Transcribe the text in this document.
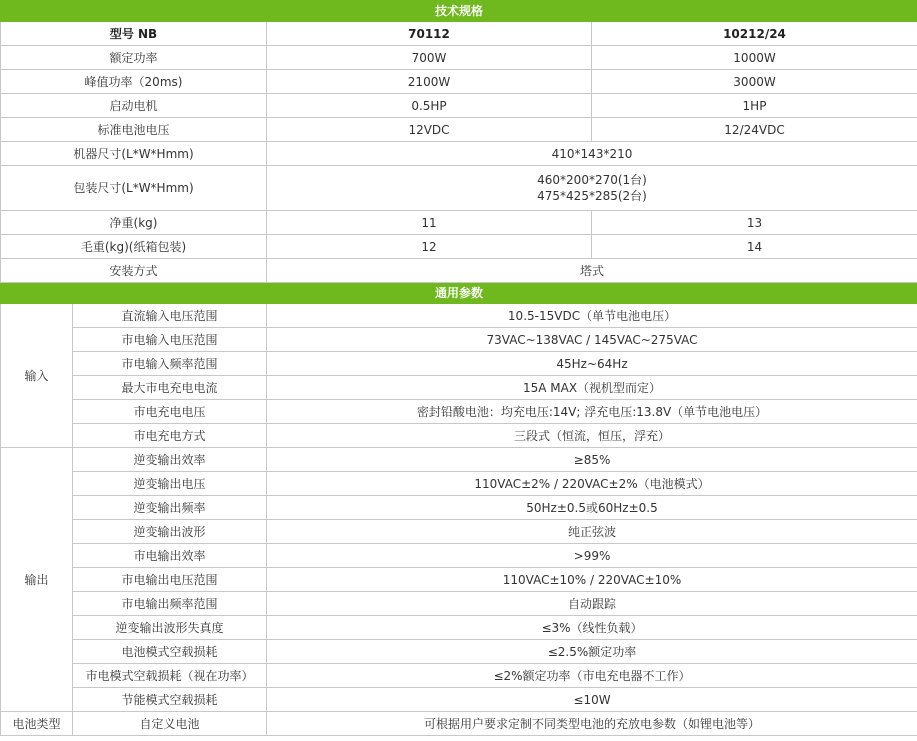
技术规格			
型号 NB		70112	10212/24
额定功率		700W	1000W
峰值功率（20ms)		2100W	3000W
启动电机		0.5HP	1HP
标准电池电压		12VDC	12/24VDC
机器尺寸(L*W*Hmm)		410*143*210	
包装尺寸(L*W*Hmm)		460*200*270(1台)
475*425*285(2台)	

净重(kg)		11	13
毛重(kg)(纸箱包装)		12	14
安装方式		塔式	
通用参数			
输入	直流输入电压范围	10.5-15VDC（单节电池电压）	
	市电输入电压范围	73VAC~138VAC / 145VAC~275VAC	
	市电输入频率范围	45Hz~64Hz	
	最大市电充电电流	15A MAX（视机型而定）	
	市电充电电压	密封铅酸电池：均充电压:14V; 浮充电压:13.8V（单节电池电压）	
	市电充电方式	三段式（恒流，恒压，浮充）	
输出	逆变输出效率	≥85%	
	逆变输出电压	110VAC±2% / 220VAC±2%（电池模式）	
	逆变输出频率	50Hz±0.5或60Hz±0.5	
	逆变输出波形	纯正弦波	
	市电输出效率	>99%	
	市电输出电压范围	110VAC±10% / 220VAC±10%	
	市电输出频率范围	自动跟踪	
	逆变输出波形失真度	≤3%（线性负载）	
	电池模式空载损耗	≤2.5%额定功率	
	市电模式空载损耗（视在功率）	≤2%额定功率（市电充电器不工作）	
	节能模式空载损耗	≤10W	
电池类型	自定义电池	可根据用户要求定制不同类型电池的充放电参数（如锂电池等）	
